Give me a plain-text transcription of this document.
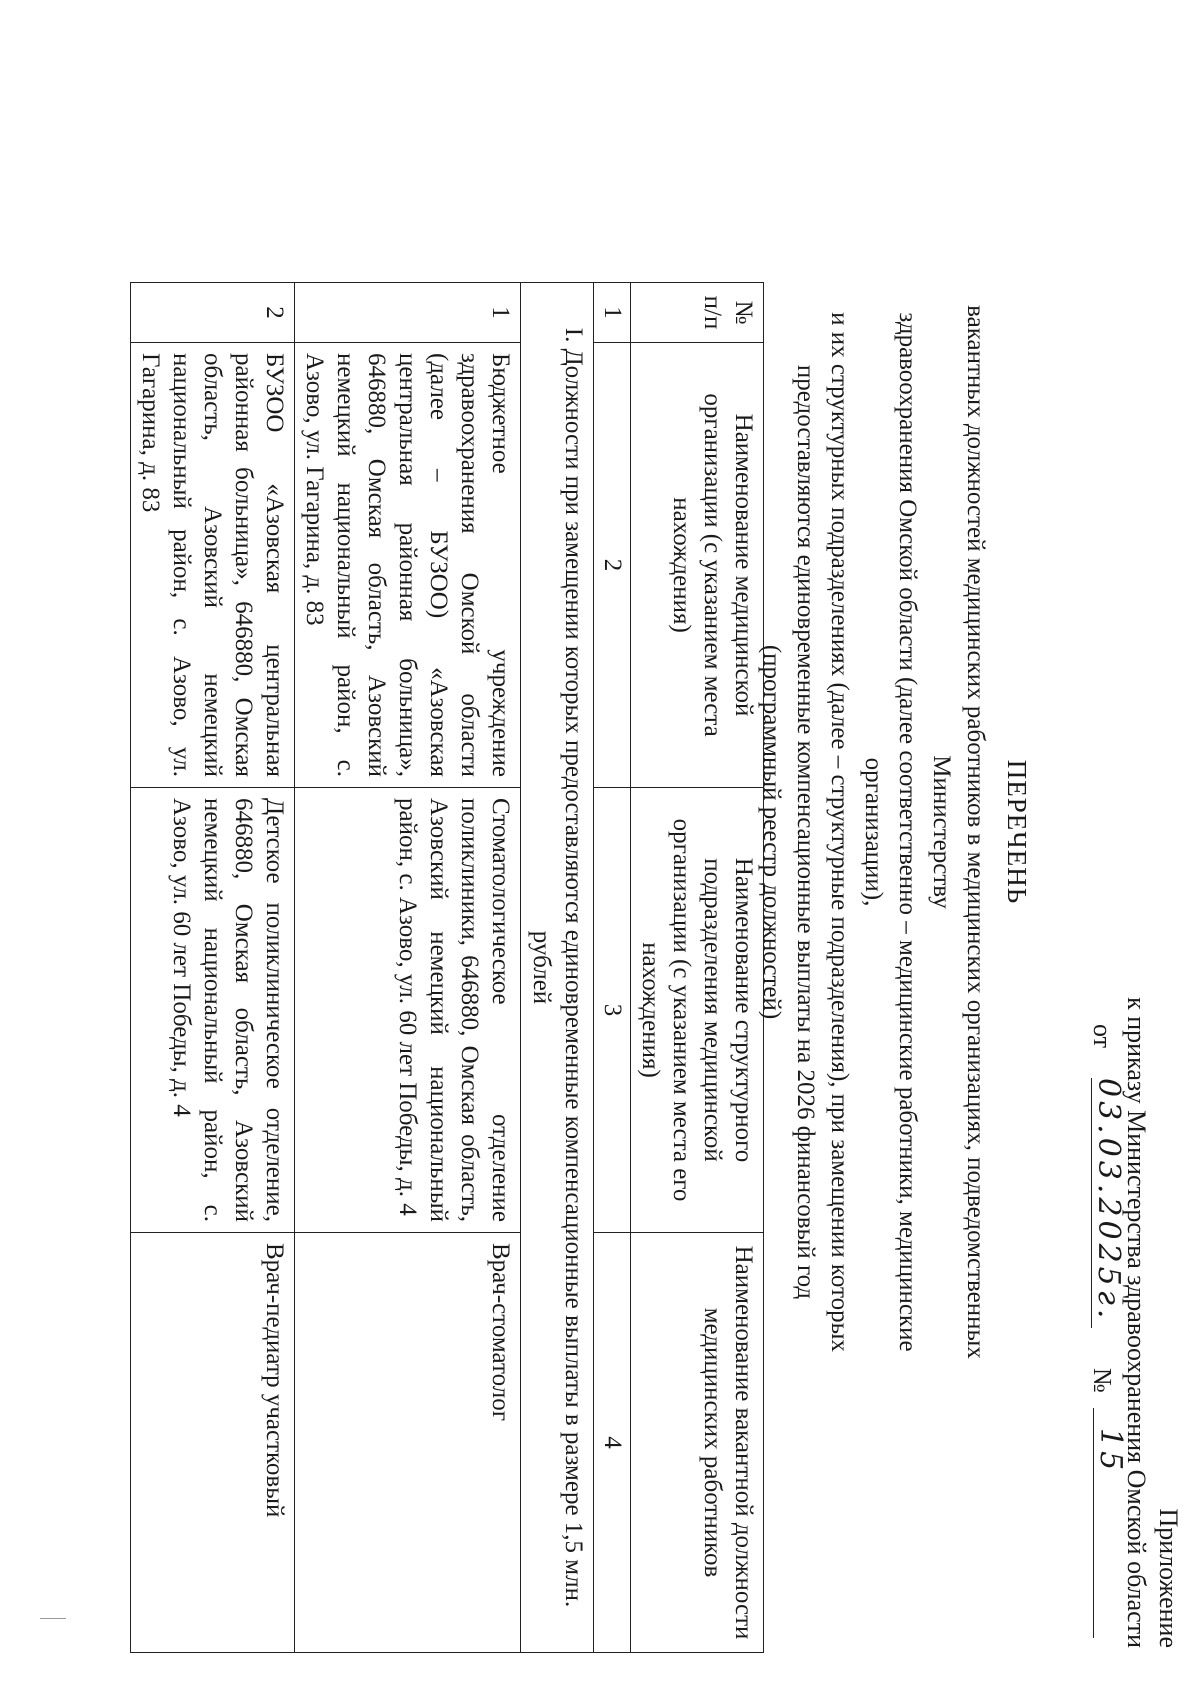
Приложение
к приказу Министерства здравоохранения Омской области
от
03.03.2025г.
№
15
ПЕРЕЧЕНЬ
вакантных должностей медицинских работников в медицинских организациях, подведомственных Министерству
здравоохранения Омской области (далее соответственно – медицинские работники, медицинские организации),
и их структурных подразделениях (далее – структурные подразделения), при замещении которых
предоставляются единовременные компенсационные выплаты на 2026 финансовый год
(программный реестр должностей)
№ п/п	Наименование медицинской организации (с указанием места нахождения)	Наименование структурного подразделения медицинской организации (с указанием места его нахождения)	Наименование вакантной должности медицинских работников
1	2	3	4
I. Должности при замещении которых предоставляются единовременные компенсационные выплаты в размере 1,5 млн. рублей			
1	Бюджетное учреждение здравоохранения Омской области (далее – БУЗОО) «Азовская центральная районная больница», 646880, Омская область, Азовский немецкий национальный район, с. Азово, ул. Гагарина, д. 83	Стоматологическое отделение поликлиники, 646880, Омская область, Азовский немецкий национальный район, с. Азово, ул. 60 лет Победы, д. 4	Врач-стоматолог
2	БУЗОО «Азовская центральная районная больница», 646880, Омская область, Азовский немецкий национальный район, с. Азово, ул. Гагарина, д. 83	Детское поликлиническое отделение, 646880, Омская область, Азовский немецкий национальный район, с. Азово, ул. 60 лет Победы, д. 4	Врач-педиатр участковый
